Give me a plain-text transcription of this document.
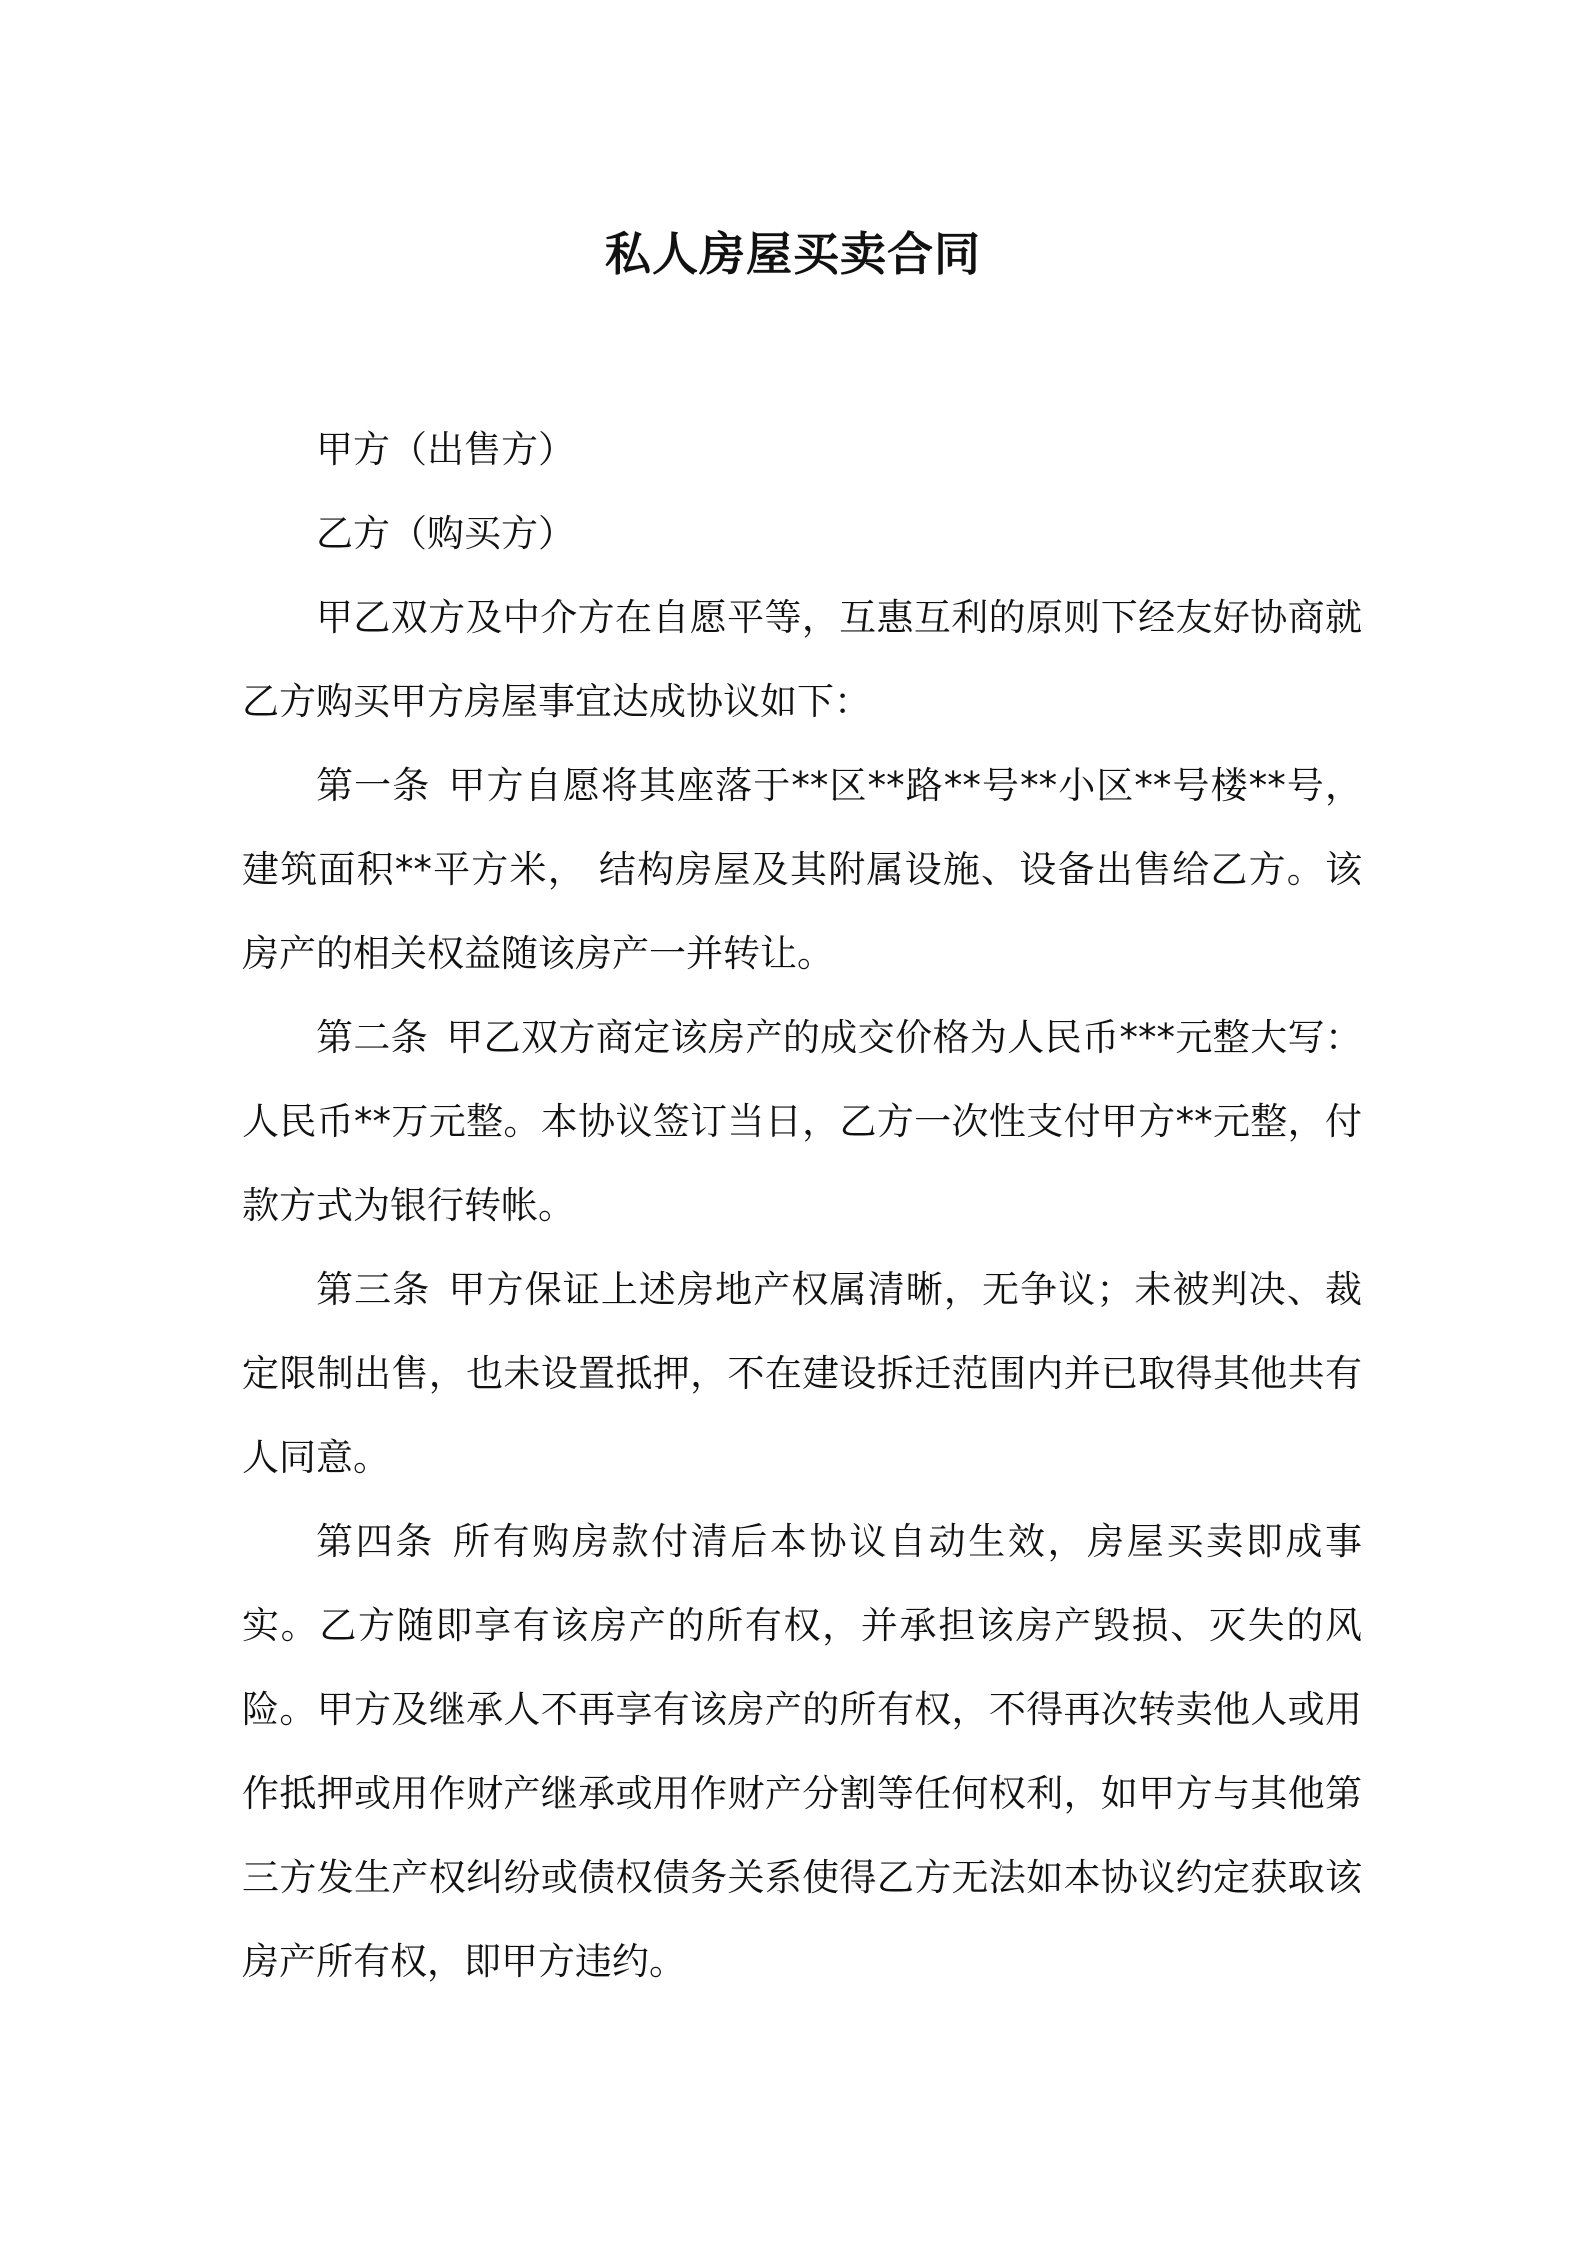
私人房屋买卖合同

甲方（出售方）

乙方（购买方）

甲乙双方及中介方在自愿平等，互惠互利的原则下经友好协商就乙方购买甲方房屋事宜达成协议如下：

第一条 甲方自愿将其座落于**区**路**号**小区**号楼**号，建筑面积**平方米， 结构房屋及其附属设施、设备出售给乙方。该房产的相关权益随该房产一并转让。

第二条 甲乙双方商定该房产的成交价格为人民币***元整大写：人民币**万元整。本协议签订当日，乙方一次性支付甲方**元整，付款方式为银行转帐。

第三条 甲方保证上述房地产权属清晰，无争议；未被判决、裁定限制出售，也未设置抵押，不在建设拆迁范围内并已取得其他共有人同意。

第四条 所有购房款付清后本协议自动生效，房屋买卖即成事实。乙方随即享有该房产的所有权，并承担该房产毁损、灭失的风险。甲方及继承人不再享有该房产的所有权，不得再次转卖他人或用作抵押或用作财产继承或用作财产分割等任何权利，如甲方与其他第三方发生产权纠纷或债权债务关系使得乙方无法如本协议约定获取该房产所有权，即甲方违约。
